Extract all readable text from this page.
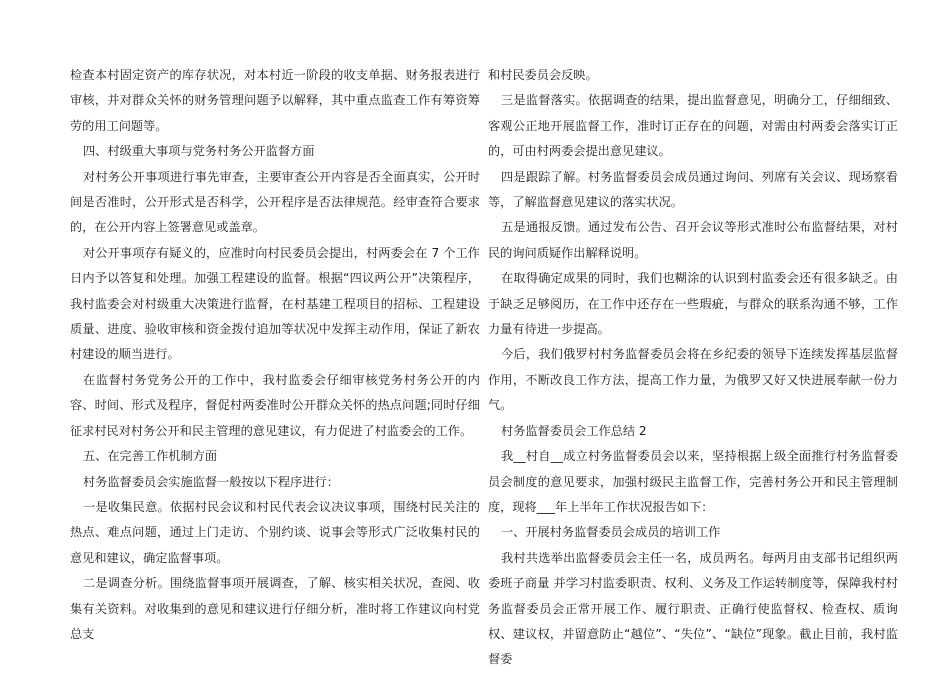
检查本村固定资产的库存状况，对本村近一阶段的收支单据、财务报表进行审核，并对群众关怀的财务管理问题予以解释，其中重点监查工作有筹资筹劳的用工问题等。

四、村级重大事项与党务村务公开监督方面

对村务公开事项进行事先审查，主要审查公开内容是否全面真实，公开时间是否准时，公开形式是否科学，公开程序是否法律规范。经审查符合要求的，在公开内容上签署意见或盖章。

对公开事项存有疑义的，应准时向村民委员会提出，村两委会在 7 个工作日内予以答复和处理。加强工程建设的监督。根据“四议两公开”决策程序，我村监委会对村级重大决策进行监督，在村基建工程项目的招标、工程建设质量、进度、验收审核和资金拨付追加等状况中发挥主动作用，保证了新农村建设的顺当进行。

在监督村务党务公开的工作中，我村监委会仔细审核党务村务公开的内容、时间、形式及程序，督促村两委准时公开群众关怀的热点问题;同时仔细征求村民对村务公开和民主管理的意见建议，有力促进了村监委会的工作。

五、在完善工作机制方面

村务监督委员会实施监督一般按以下程序进行：

一是收集民意。依据村民会议和村民代表会议决议事项，围绕村民关注的热点、难点问题，通过上门走访、个别约谈、说事会等形式广泛收集村民的意见和建议，确定监督事项。

二是调查分析。围绕监督事项开展调查，了解、核实相关状况，查阅、收集有关资料。对收集到的意见和建议进行仔细分析，准时将工作建议向村党总支

和村民委员会反映。

三是监督落实。依据调查的结果，提出监督意见，明确分工，仔细细致、客观公正地开展监督工作，准时订正存在的问题，对需由村两委会落实订正的，可由村两委会提出意见建议。

四是跟踪了解。村务监督委员会成员通过询问、列席有关会议、现场察看等，了解监督意见建议的落实状况。

五是通报反馈。通过发布公告、召开会议等形式准时公布监督结果，对村民的询问质疑作出解释说明。

在取得确定成果的同时，我们也糊涂的认识到村监委会还有很多缺乏。由于缺乏足够阅历，在工作中还存在一些瑕疵，与群众的联系沟通不够，工作力量有待进一步提高。

今后，我们俄罗村村务监督委员会将在乡纪委的领导下连续发挥基层监督作用，不断改良工作方法，提高工作力量，为俄罗又好又快进展奉献一份力气。

村务监督委员会工作总结 2

我__村自__成立村务监督委员会以来，坚持根据上级全面推行村务监督委员会制度的意见要求，加强村级民主监督工作，完善村务公开和民主管理制度，现将___年上半年工作状况报告如下：

一、开展村务监督委员会成员的培训工作

我村共选举出监督委员会主任一名，成员两名。每两月由支部书记组织两委班子商量 并学习村监委职责、权利、义务及工作运转制度等，保障我村村务监督委员会正常开展工作、履行职责、正确行使监督权、检查权、质询权、建议权，并留意防止“越位”、“失位”、“缺位”现象。截止目前，我村监督委
